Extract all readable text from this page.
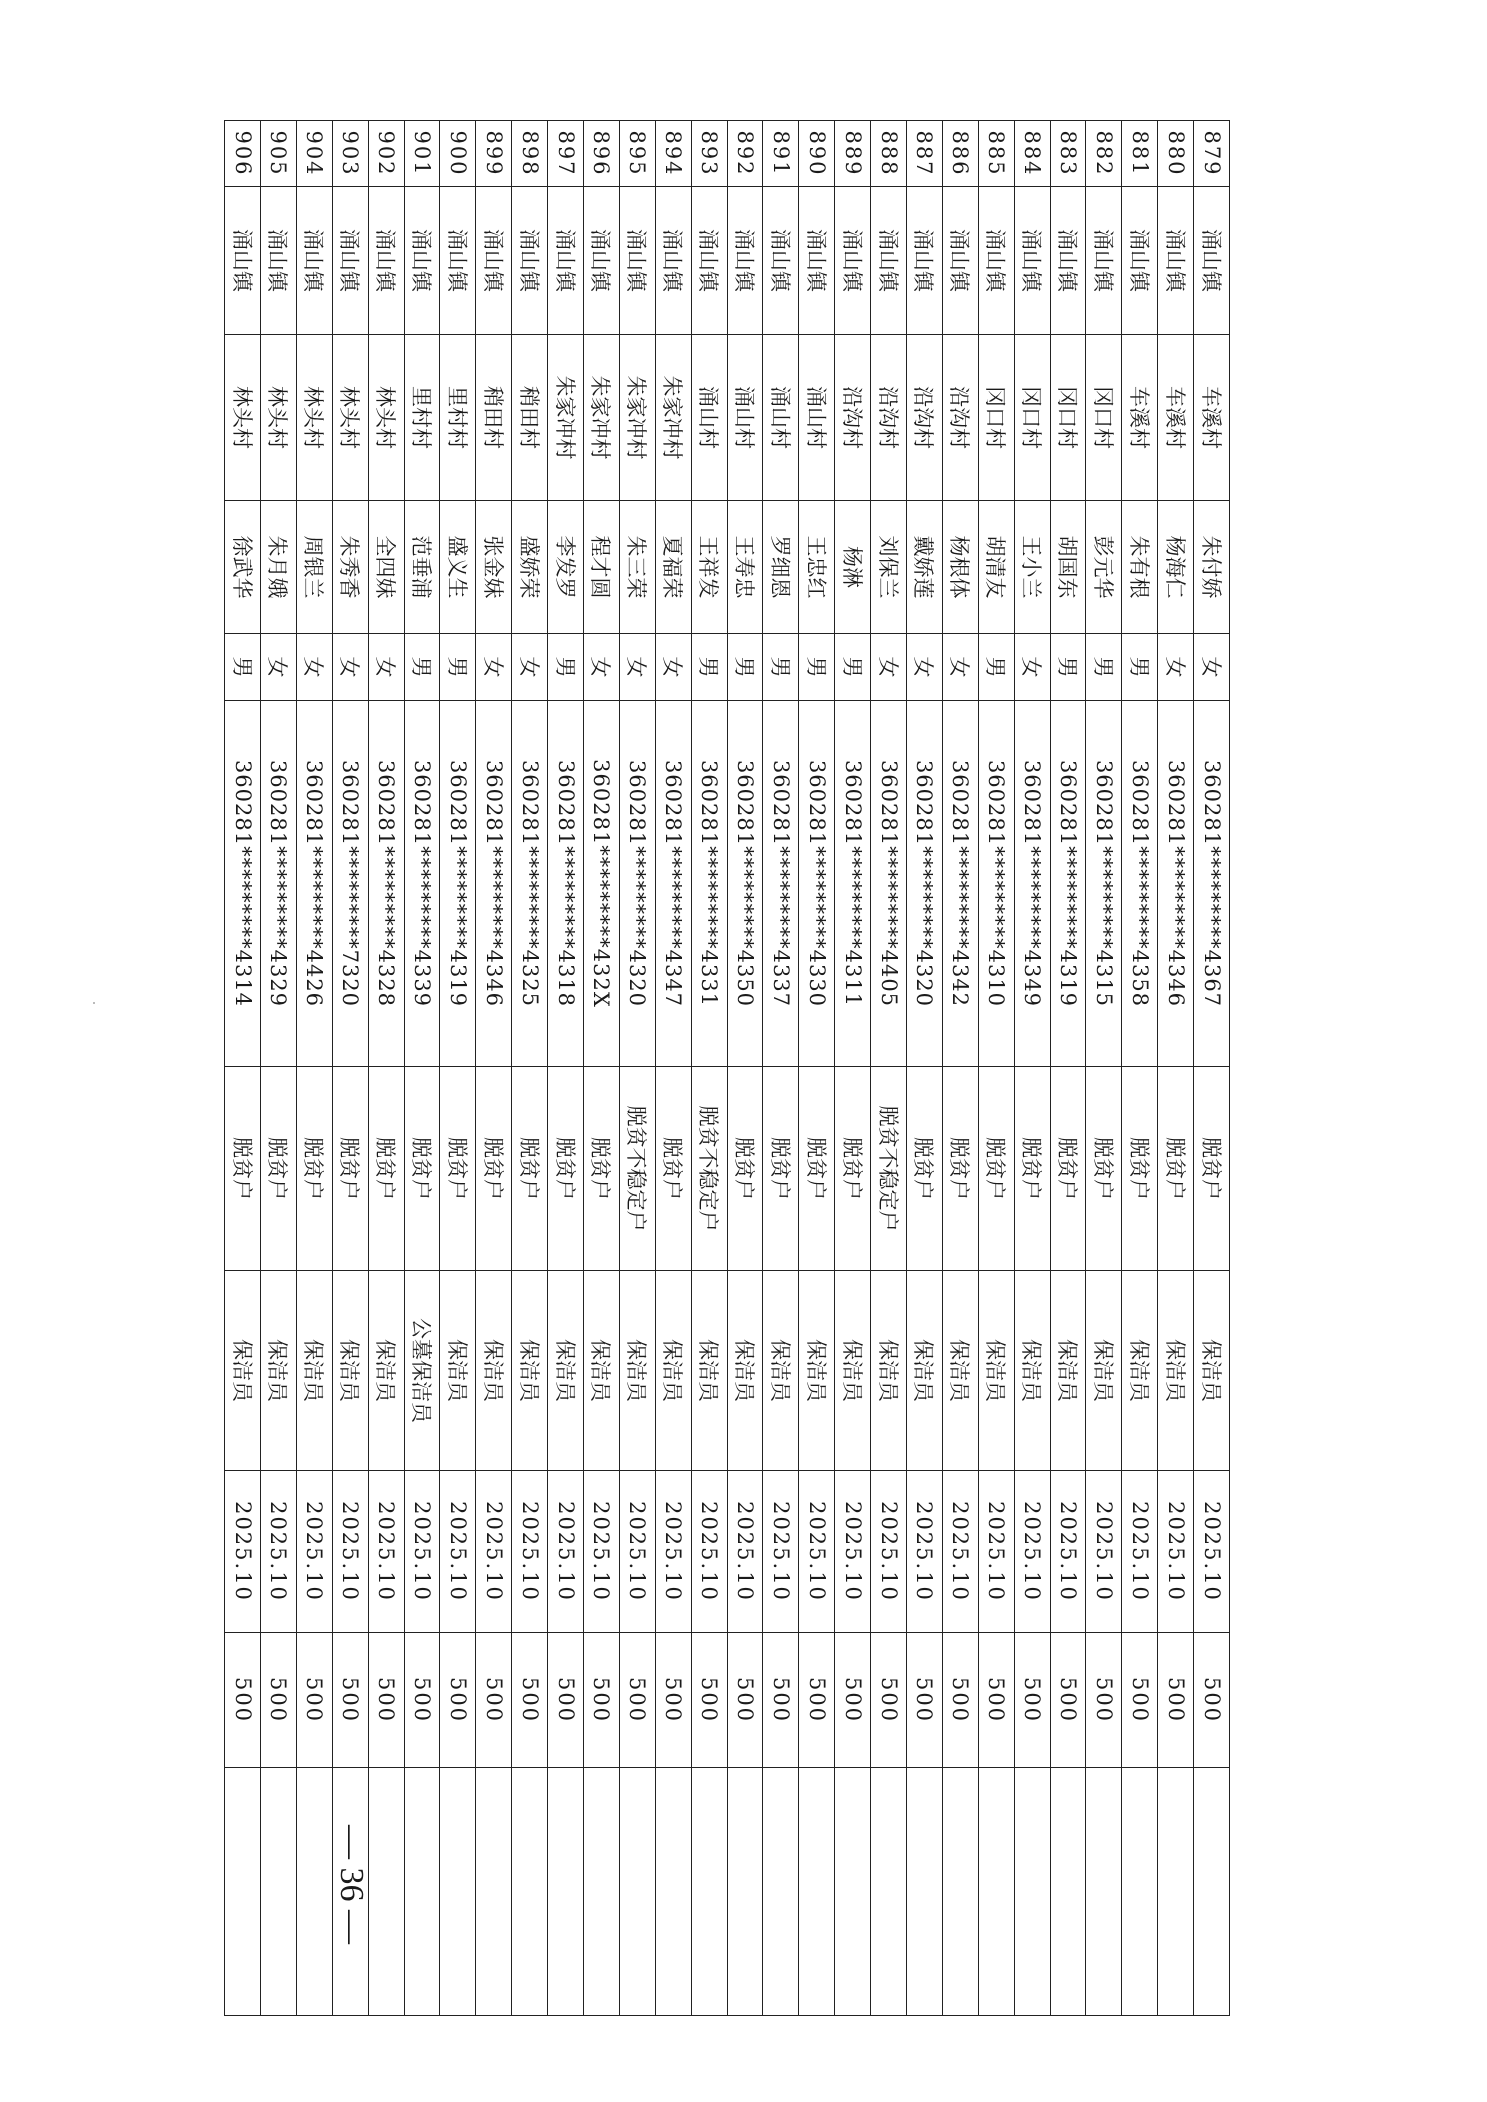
879	涌山镇	车溪村	朱付娇	女	360281*********4367	脱贫户	保洁员	2025.10	500	
880	涌山镇	车溪村	杨海仁	女	360281*********4346	脱贫户	保洁员	2025.10	500	
881	涌山镇	车溪村	朱有根	男	360281*********4358	脱贫户	保洁员	2025.10	500	
882	涌山镇	冈口村	彭元华	男	360281*********4315	脱贫户	保洁员	2025.10	500	
883	涌山镇	冈口村	胡国东	男	360281*********4319	脱贫户	保洁员	2025.10	500	
884	涌山镇	冈口村	王小兰	女	360281*********4349	脱贫户	保洁员	2025.10	500	
885	涌山镇	冈口村	胡清友	男	360281*********4310	脱贫户	保洁员	2025.10	500	
886	涌山镇	沿沟村	杨根体	女	360281*********4342	脱贫户	保洁员	2025.10	500	
887	涌山镇	沿沟村	戴娇莲	女	360281*********4320	脱贫户	保洁员	2025.10	500	
888	涌山镇	沿沟村	刘保兰	女	360281*********4405	脱贫不稳定户	保洁员	2025.10	500	
889	涌山镇	沿沟村	杨淋	男	360281*********4311	脱贫户	保洁员	2025.10	500	
890	涌山镇	涌山村	王忠红	男	360281*********4330	脱贫户	保洁员	2025.10	500	
891	涌山镇	涌山村	罗细恩	男	360281*********4337	脱贫户	保洁员	2025.10	500	
892	涌山镇	涌山村	王寿忠	男	360281*********4350	脱贫户	保洁员	2025.10	500	
893	涌山镇	涌山村	王祥发	男	360281*********4331	脱贫不稳定户	保洁员	2025.10	500	
894	涌山镇	朱家冲村	夏福荣	女	360281*********4347	脱贫户	保洁员	2025.10	500	
895	涌山镇	朱家冲村	朱三荣	女	360281*********4320	脱贫不稳定户	保洁员	2025.10	500	
896	涌山镇	朱家冲村	程才圆	女	360281*********432X	脱贫户	保洁员	2025.10	500	
897	涌山镇	朱家冲村	李发罗	男	360281*********4318	脱贫户	保洁员	2025.10	500	
898	涌山镇	稍田村	盛娇荣	女	360281*********4325	脱贫户	保洁员	2025.10	500	
899	涌山镇	稍田村	张金妹	女	360281*********4346	脱贫户	保洁员	2025.10	500	
900	涌山镇	里村村	盛义生	男	360281*********4319	脱贫户	保洁员	2025.10	500	
901	涌山镇	里村村	范垂浦	男	360281*********4339	脱贫户	公墓保洁员	2025.10	500	
902	涌山镇	林头村	全四妹	女	360281*********4328	脱贫户	保洁员	2025.10	500	
903	涌山镇	林头村	朱秀香	女	360281*********7320	脱贫户	保洁员	2025.10	500	
904	涌山镇	林头村	周银兰	女	360281*********4426	脱贫户	保洁员	2025.10	500	
905	涌山镇	林头村	朱月娥	女	360281*********4329	脱贫户	保洁员	2025.10	500	
906	涌山镇	林头村	徐武华	男	360281*********4314	脱贫户	保洁员	2025.10	500	
— 36 —
